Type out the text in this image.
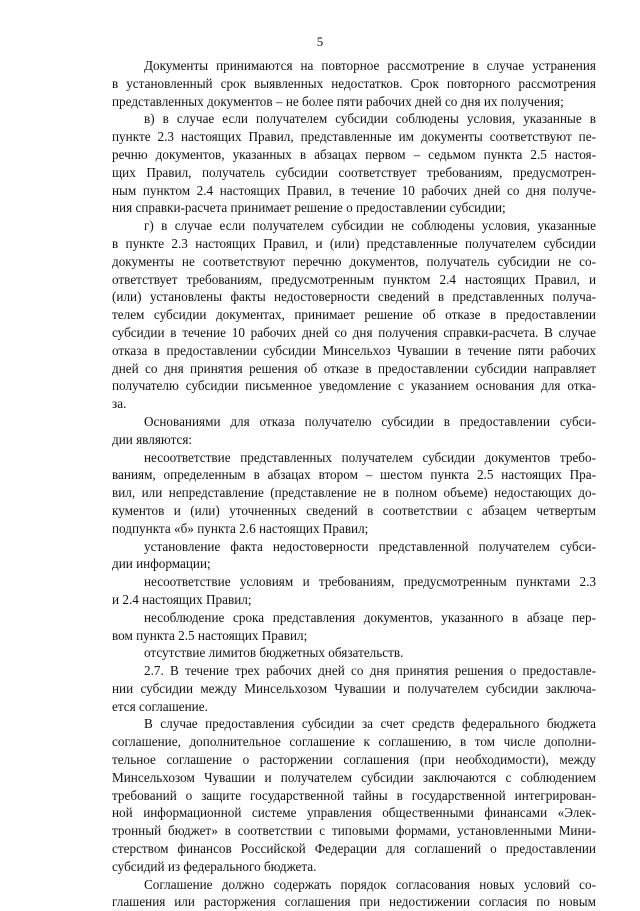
5

Документы принимаются на повторное рассмотрение в случае устранения
в установленный срок выявленных недостатков. Срок повторного рассмотрения
представленных документов – не более пяти рабочих дней со дня их получения;

в) в случае если получателем субсидии соблюдены условия, указанные в
пункте 2.3 настоящих Правил, представленные им документы соответствуют пе-
речню документов, указанных в абзацах первом – седьмом пункта 2.5 настоя-
щих Правил, получатель субсидии соответствует требованиям, предусмотрен-
ным пунктом 2.4 настоящих Правил, в течение 10 рабочих дней со дня получе-
ния справки-расчета принимает решение о предоставлении субсидии;

г) в случае если получателем субсидии не соблюдены условия, указанные
в пункте 2.3 настоящих Правил, и (или) представленные получателем субсидии
документы не соответствуют перечню документов, получатель субсидии не со-
ответствует требованиям, предусмотренным пунктом 2.4 настоящих Правил, и
(или) установлены факты недостоверности сведений в представленных получа-
телем субсидии документах, принимает решение об отказе в предоставлении
субсидии в течение 10 рабочих дней со дня получения справки-расчета. В случае
отказа в предоставлении субсидии Минсельхоз Чувашии в течение пяти рабочих
дней со дня принятия решения об отказе в предоставлении субсидии направляет
получателю субсидии письменное уведомление с указанием основания для отка-
за.

Основаниями для отказа получателю субсидии в предоставлении субси-
дии являются:

несоответствие представленных получателем субсидии документов требо-
ваниям, определенным в абзацах втором – шестом пункта 2.5 настоящих Пра-
вил, или непредставление (представление не в полном объеме) недостающих до-
кументов и (или) уточненных сведений в соответствии с абзацем четвертым
подпункта «б» пункта 2.6 настоящих Правил;

установление факта недостоверности представленной получателем субси-
дии информации;

несоответствие условиям и требованиям, предусмотренным пунктами 2.3
и 2.4 настоящих Правил;

несоблюдение срока представления документов, указанного в абзаце пер-
вом пункта 2.5 настоящих Правил;

отсутствие лимитов бюджетных обязательств.

2.7. В течение трех рабочих дней со дня принятия решения о предоставле-
нии субсидии между Минсельхозом Чувашии и получателем субсидии заключа-
ется соглашение.

В случае предоставления субсидии за счет средств федерального бюджета
соглашение, дополнительное соглашение к соглашению, в том числе дополни-
тельное соглашение о расторжении соглашения (при необходимости), между
Минсельхозом Чувашии и получателем субсидии заключаются с соблюдением
требований о защите государственной тайны в государственной интегрирован-
ной информационной системе управления общественными финансами «Элек-
тронный бюджет» в соответствии с типовыми формами, установленными Мини-
стерством финансов Российской Федерации для соглашений о предоставлении
субсидий из федерального бюджета.

Соглашение должно содержать порядок согласования новых условий со-
глашения или расторжения соглашения при недостижении согласия по новым
